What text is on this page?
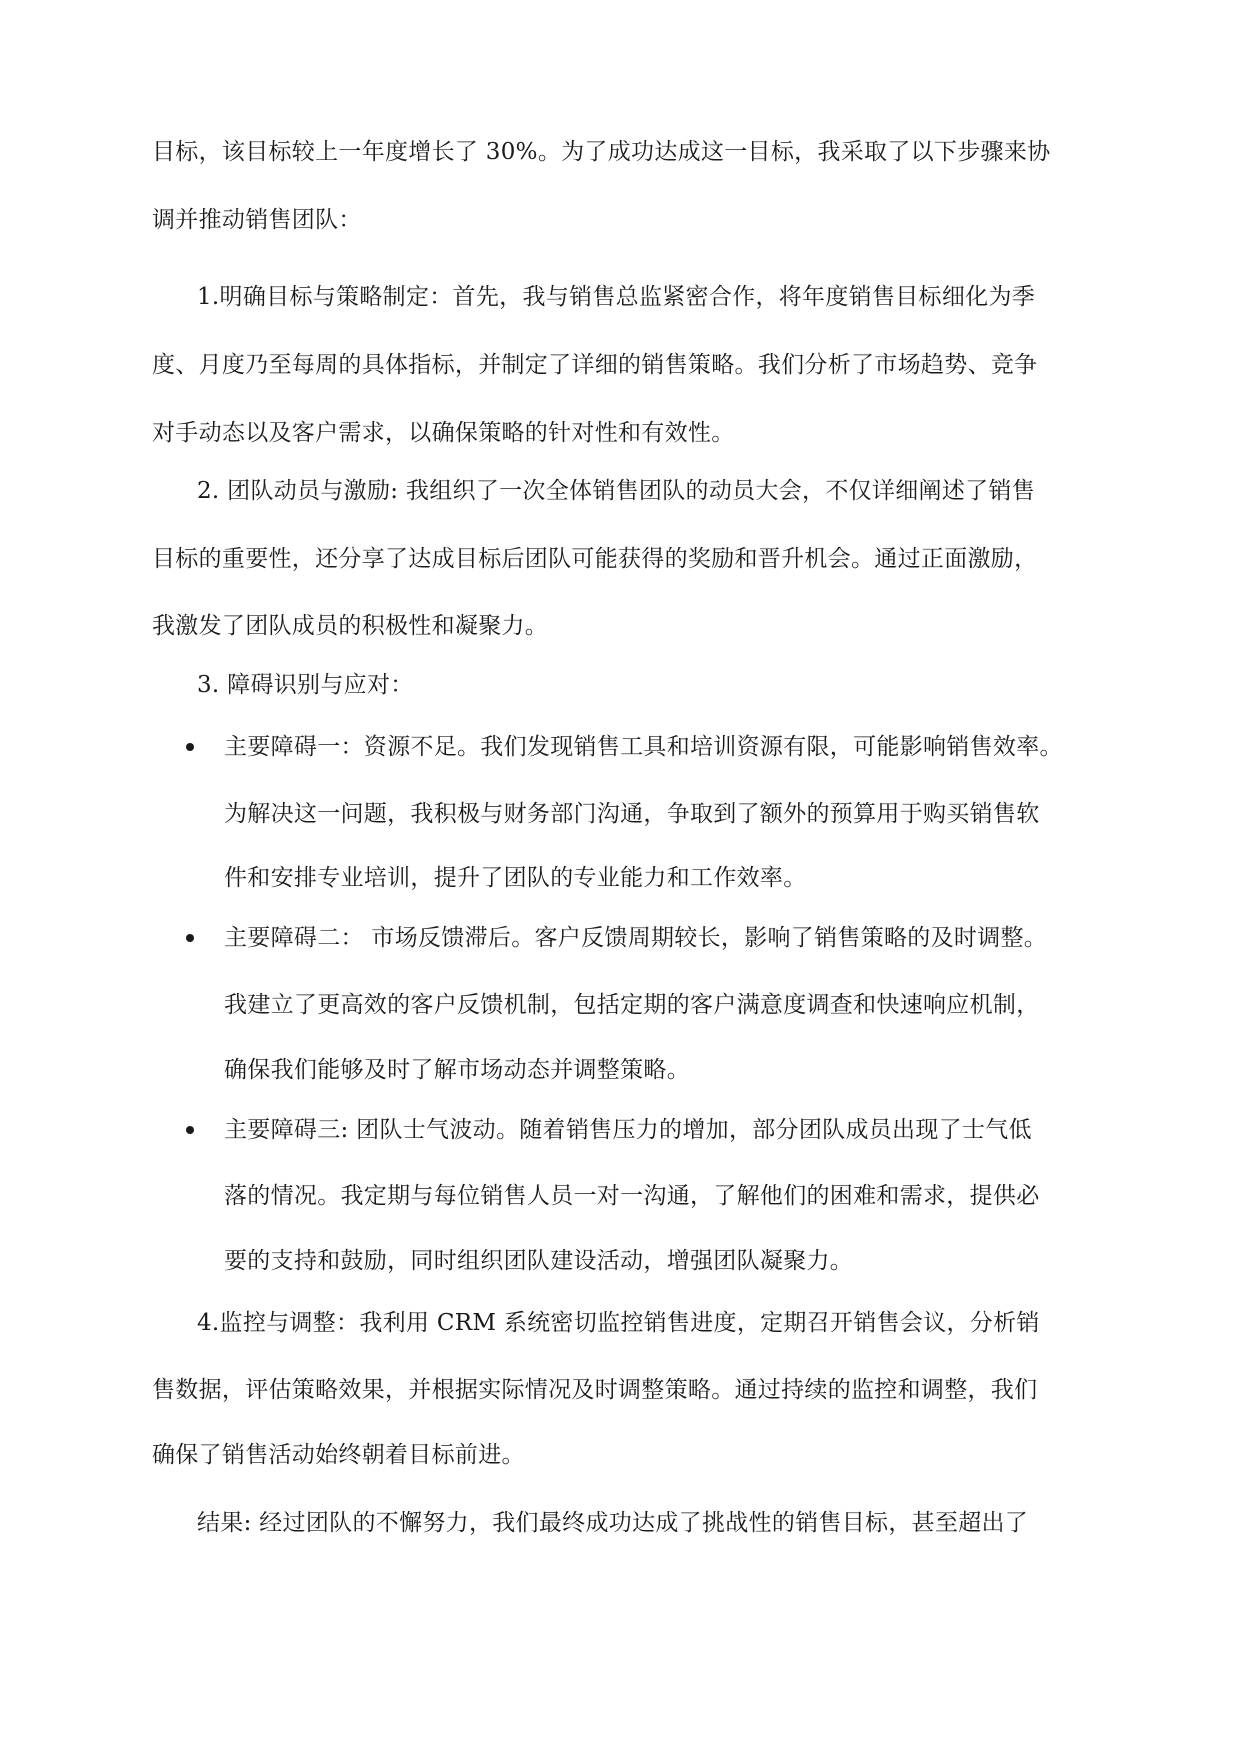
目标，该目标较上一年度增长了 30%。为了成功达成这一目标，我采取了以下步骤来协
调并推动销售团队：
1.明确目标与策略制定：首先，我与销售总监紧密合作，将年度销售目标细化为季
度、月度乃至每周的具体指标，并制定了详细的销售策略。我们分析了市场趋势、竞争
对手动态以及客户需求，以确保策略的针对性和有效性。
2. 团队动员与激励: 我组织了一次全体销售团队的动员大会，不仅详细阐述了销售
目标的重要性，还分享了达成目标后团队可能获得的奖励和晋升机会。通过正面激励，
我激发了团队成员的积极性和凝聚力。
3. 障碍识别与应对：
主要障碍一：资源不足。我们发现销售工具和培训资源有限，可能影响销售效率。
为解决这一问题，我积极与财务部门沟通，争取到了额外的预算用于购买销售软
件和安排专业培训，提升了团队的专业能力和工作效率。
主要障碍二： 市场反馈滞后。客户反馈周期较长，影响了销售策略的及时调整。
我建立了更高效的客户反馈机制，包括定期的客户满意度调查和快速响应机制，
确保我们能够及时了解市场动态并调整策略。
主要障碍三: 团队士气波动。随着销售压力的增加，部分团队成员出现了士气低
落的情况。我定期与每位销售人员一对一沟通，了解他们的困难和需求，提供必
要的支持和鼓励，同时组织团队建设活动，增强团队凝聚力。
4.监控与调整：我利用 CRM 系统密切监控销售进度，定期召开销售会议，分析销
售数据，评估策略效果，并根据实际情况及时调整策略。通过持续的监控和调整，我们
确保了销售活动始终朝着目标前进。
结果: 经过团队的不懈努力，我们最终成功达成了挑战性的销售目标，甚至超出了
